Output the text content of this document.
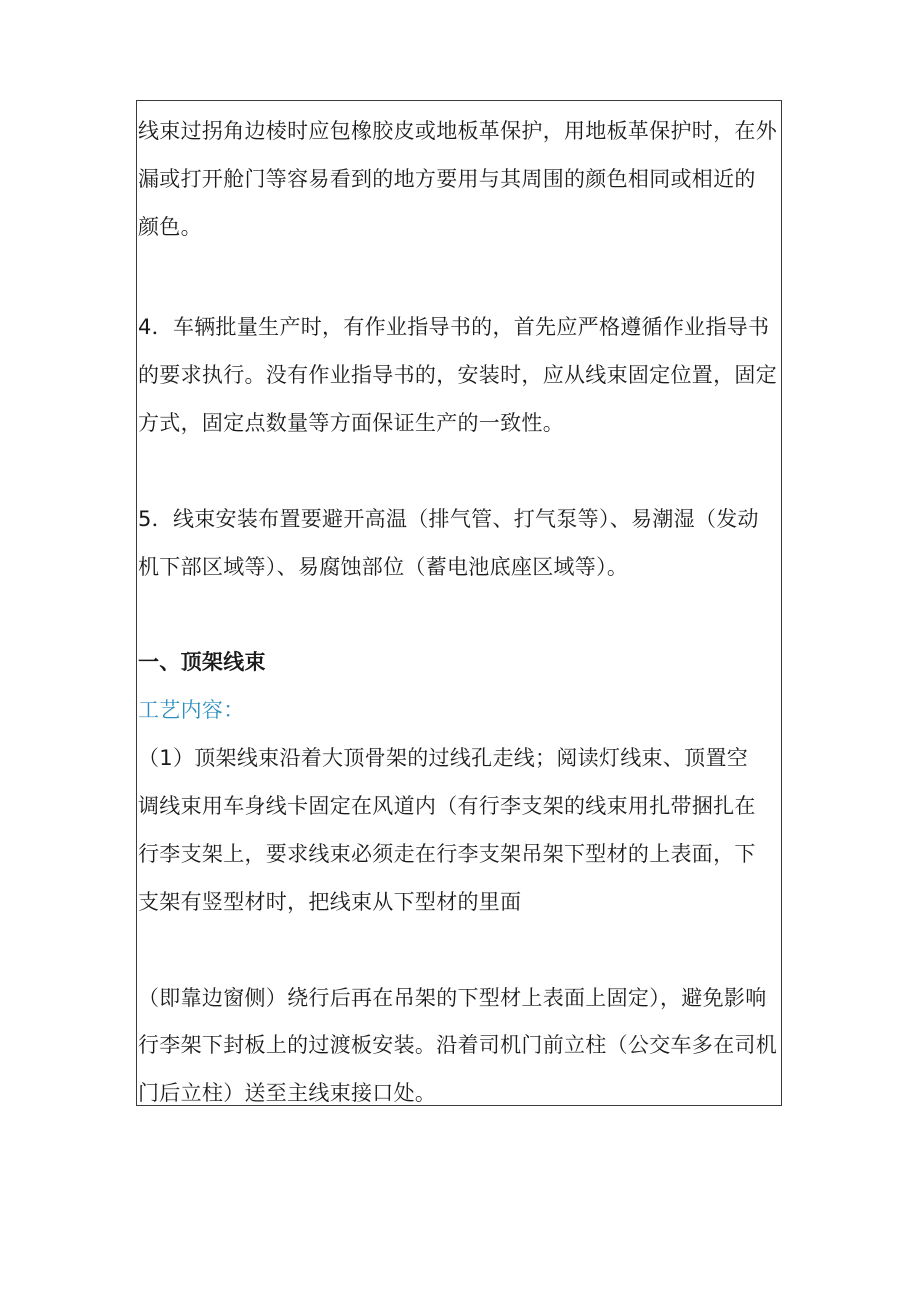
线束过拐角边棱时应包橡胶皮或地板革保护，用地板革保护时，在外
漏或打开舱门等容易看到的地方要用与其周围的颜色相同或相近的
颜色。
4．车辆批量生产时，有作业指导书的，首先应严格遵循作业指导书
的要求执行。没有作业指导书的，安装时，应从线束固定位置，固定
方式，固定点数量等方面保证生产的一致性。
5．线束安装布置要避开高温（排气管、打气泵等）、易潮湿（发动
机下部区域等）、易腐蚀部位（蓄电池底座区域等）。
一、顶架线束
工艺内容：
（1）顶架线束沿着大顶骨架的过线孔走线；阅读灯线束、顶置空
调线束用车身线卡固定在风道内（有行李支架的线束用扎带捆扎在
行李支架上，要求线束必须走在行李支架吊架下型材的上表面，下
支架有竖型材时，把线束从下型材的里面
（即靠边窗侧）绕行后再在吊架的下型材上表面上固定），避免影响
行李架下封板上的过渡板安装。沿着司机门前立柱（公交车多在司机
门后立柱）送至主线束接口处。
